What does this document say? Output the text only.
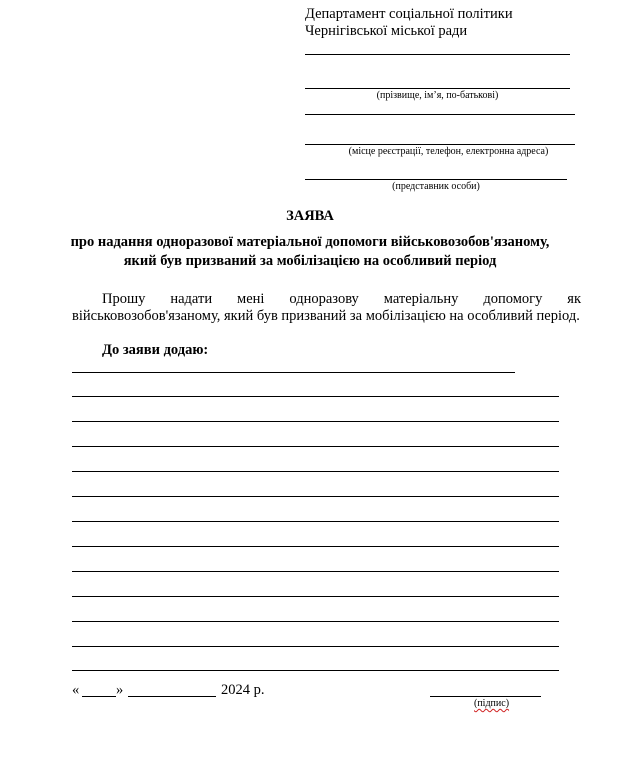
Департамент соціальної політики
Чернігівської міської ради
(прізвище, ім’я, по-батькові)
(місце реєстрації, телефон, електронна адреса)
(представник особи)
ЗАЯВА
про надання одноразової матеріальної допомоги військовозобов'язаному,
який був призваний за мобілізацією на особливий період

Прошу надати мені одноразову матеріальну допомогу як військовозобов'язаному, який був призваний за мобілізацією на особливий період.

До заяви додаю:
«	»	2024 р.
(підпис)
